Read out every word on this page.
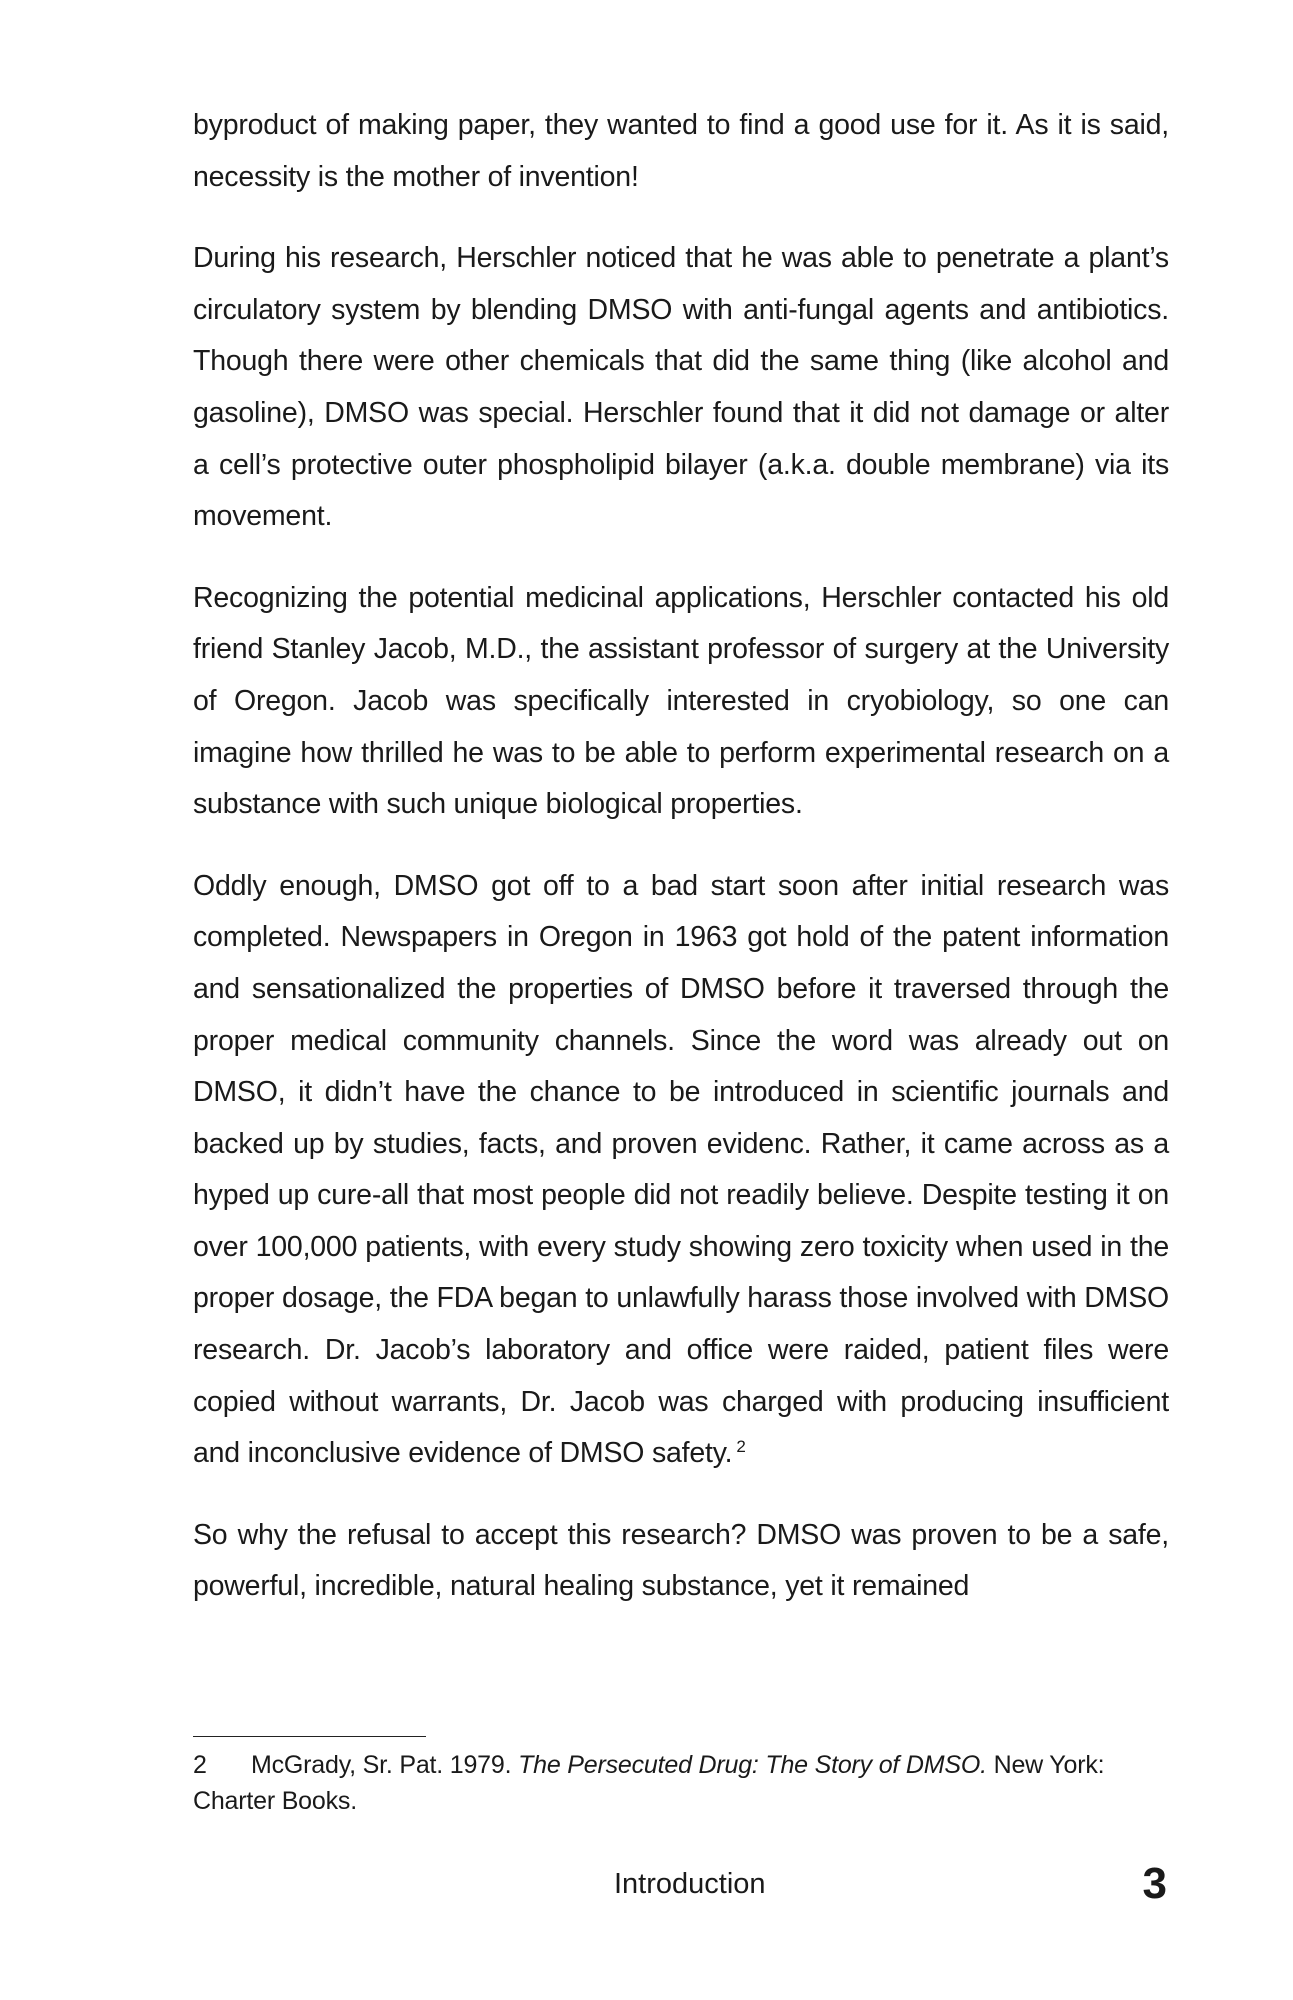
byproduct of making paper, they wanted to find a good use for it. As it is said, necessity is the mother of invention!

During his research, Herschler noticed that he was able to penetrate a plant’s circulatory system by blending DMSO with anti-fungal agents and antibiotics. Though there were other chemicals that did the same thing (like alcohol and gasoline), DMSO was special. Herschler found that it did not damage or alter a cell’s protective outer phospholipid bilayer (a.k.a. double membrane) via its movement.

Recognizing the potential medicinal applications, Herschler contacted his old friend Stanley Jacob, M.D., the assistant professor of surgery at the University of Oregon. Jacob was specifically interested in cryobiology, so one can imagine how thrilled he was to be able to perform experimental research on a substance with such unique biological properties.

Oddly enough, DMSO got off to a bad start soon after initial research was completed. Newspapers in Oregon in 1963 got hold of the patent information and sensationalized the properties of DMSO before it traversed through the proper medical community channels. Since the word was already out on DMSO, it didn’t have the chance to be introduced in scientific journals and backed up by studies, facts, and proven evidenc. Rather, it came across as a hyped up cure-all that most people did not readily believe. Despite testing it on over 100,000 patients, with every study showing zero toxicity when used in the proper dosage, the FDA began to unlawfully harass those involved with DMSO research. Dr. Jacob’s laboratory and office were raided, patient files were copied without warrants, Dr. Jacob was charged with producing insufficient and inconclusive evidence of DMSO safety. $^2$

So why the refusal to accept this research? DMSO was proven to be a safe, powerful, incredible, natural healing substance, yet it remained

2 McGrady, Sr. Pat. 1979. The Persecuted Drug: The Story of DMSO. New York: Charter Books.
Introduction	3
